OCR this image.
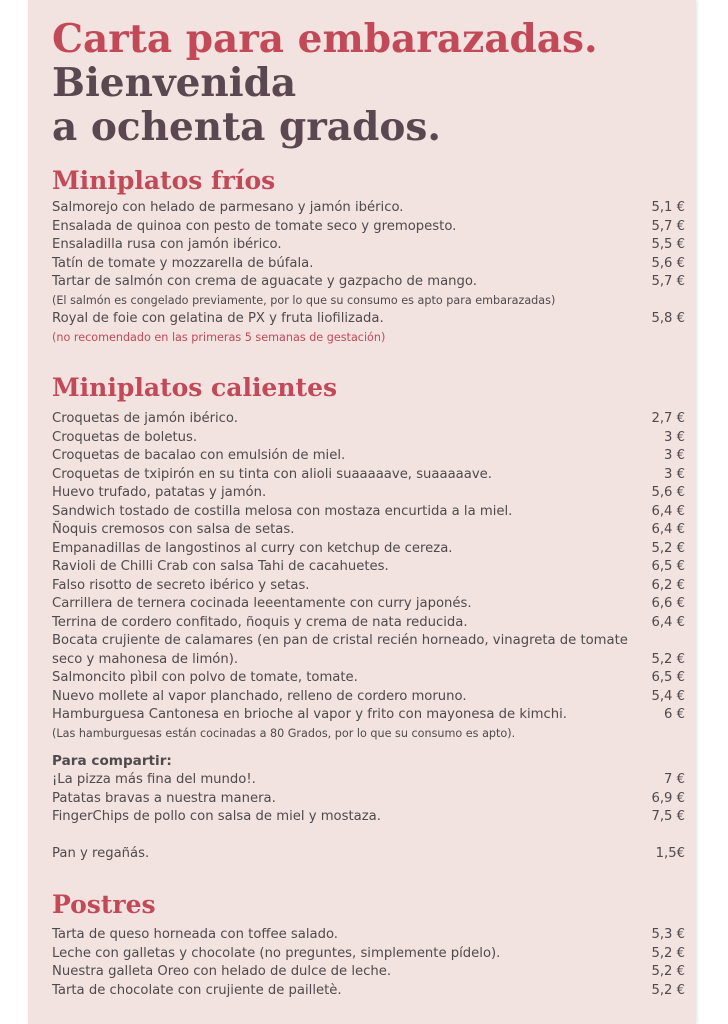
Carta para embarazadas.
Bienvenida
a ochenta grados.
Miniplatos fríos
Salmorejo con helado de parmesano y jamón ibérico.	5,1 €
Ensalada de quinoa con pesto de tomate seco y gremopesto.	5,7 €
Ensaladilla rusa con jamón ibérico.	5,5 €
Tatín de tomate y mozzarella de búfala.	5,6 €
Tartar de salmón con crema de aguacate y gazpacho de mango.	5,7 €
(El salmón es congelado previamente, por lo que su consumo es apto para embarazadas)
Royal de foie con gelatina de PX y fruta liofilizada.	5,8 €
(no recomendado en las primeras 5 semanas de gestación)
Miniplatos calientes
Croquetas de jamón ibérico.	2,7 €
Croquetas de boletus.	3 €
Croquetas de bacalao con emulsión de miel.	3 €
Croquetas de txipirón en su tinta con alioli suaaaaave, suaaaaave.	3 €
Huevo trufado, patatas y jamón.	5,6 €
Sandwich tostado de costilla melosa con mostaza encurtida a la miel.	6,4 €
Ñoquis cremosos con salsa de setas.	6,4 €
Empanadillas de langostinos al curry con ketchup de cereza.	5,2 €
Ravioli de Chilli Crab con salsa Tahi de cacahuetes.	6,5 €
Falso risotto de secreto ibérico y setas.	6,2 €
Carrillera de ternera cocinada leeentamente con curry japonés.	6,6 €
Terrina de cordero confitado, ñoquis y crema de nata reducida.	6,4 €
Bocata crujiente de calamares (en pan de cristal recién horneado, vinagreta de tomate seco y mahonesa de limón).	5,2 €
Salmoncito pìbil con polvo de tomate, tomate.	6,5 €
Nuevo mollete al vapor planchado, relleno de cordero moruno.	5,4 €
Hamburguesa Cantonesa en brioche al vapor y frito con mayonesa de kimchi.	6 €
(Las hamburguesas están cocinadas a 80 Grados, por lo que su consumo es apto).
Para compartir:
¡La pizza más fina del mundo!.	7 €
Patatas bravas a nuestra manera.	6,9 €
FingerChips de pollo con salsa de miel y mostaza.	7,5 €
Pan y regañás.	1,5€
Postres
Tarta de queso horneada con toffee salado.	5,3 €
Leche con galletas y chocolate (no preguntes, simplemente pídelo).	5,2 €
Nuestra galleta Oreo con helado de dulce de leche.	5,2 €
Tarta de chocolate con crujiente de pailletè.	5,2 €
